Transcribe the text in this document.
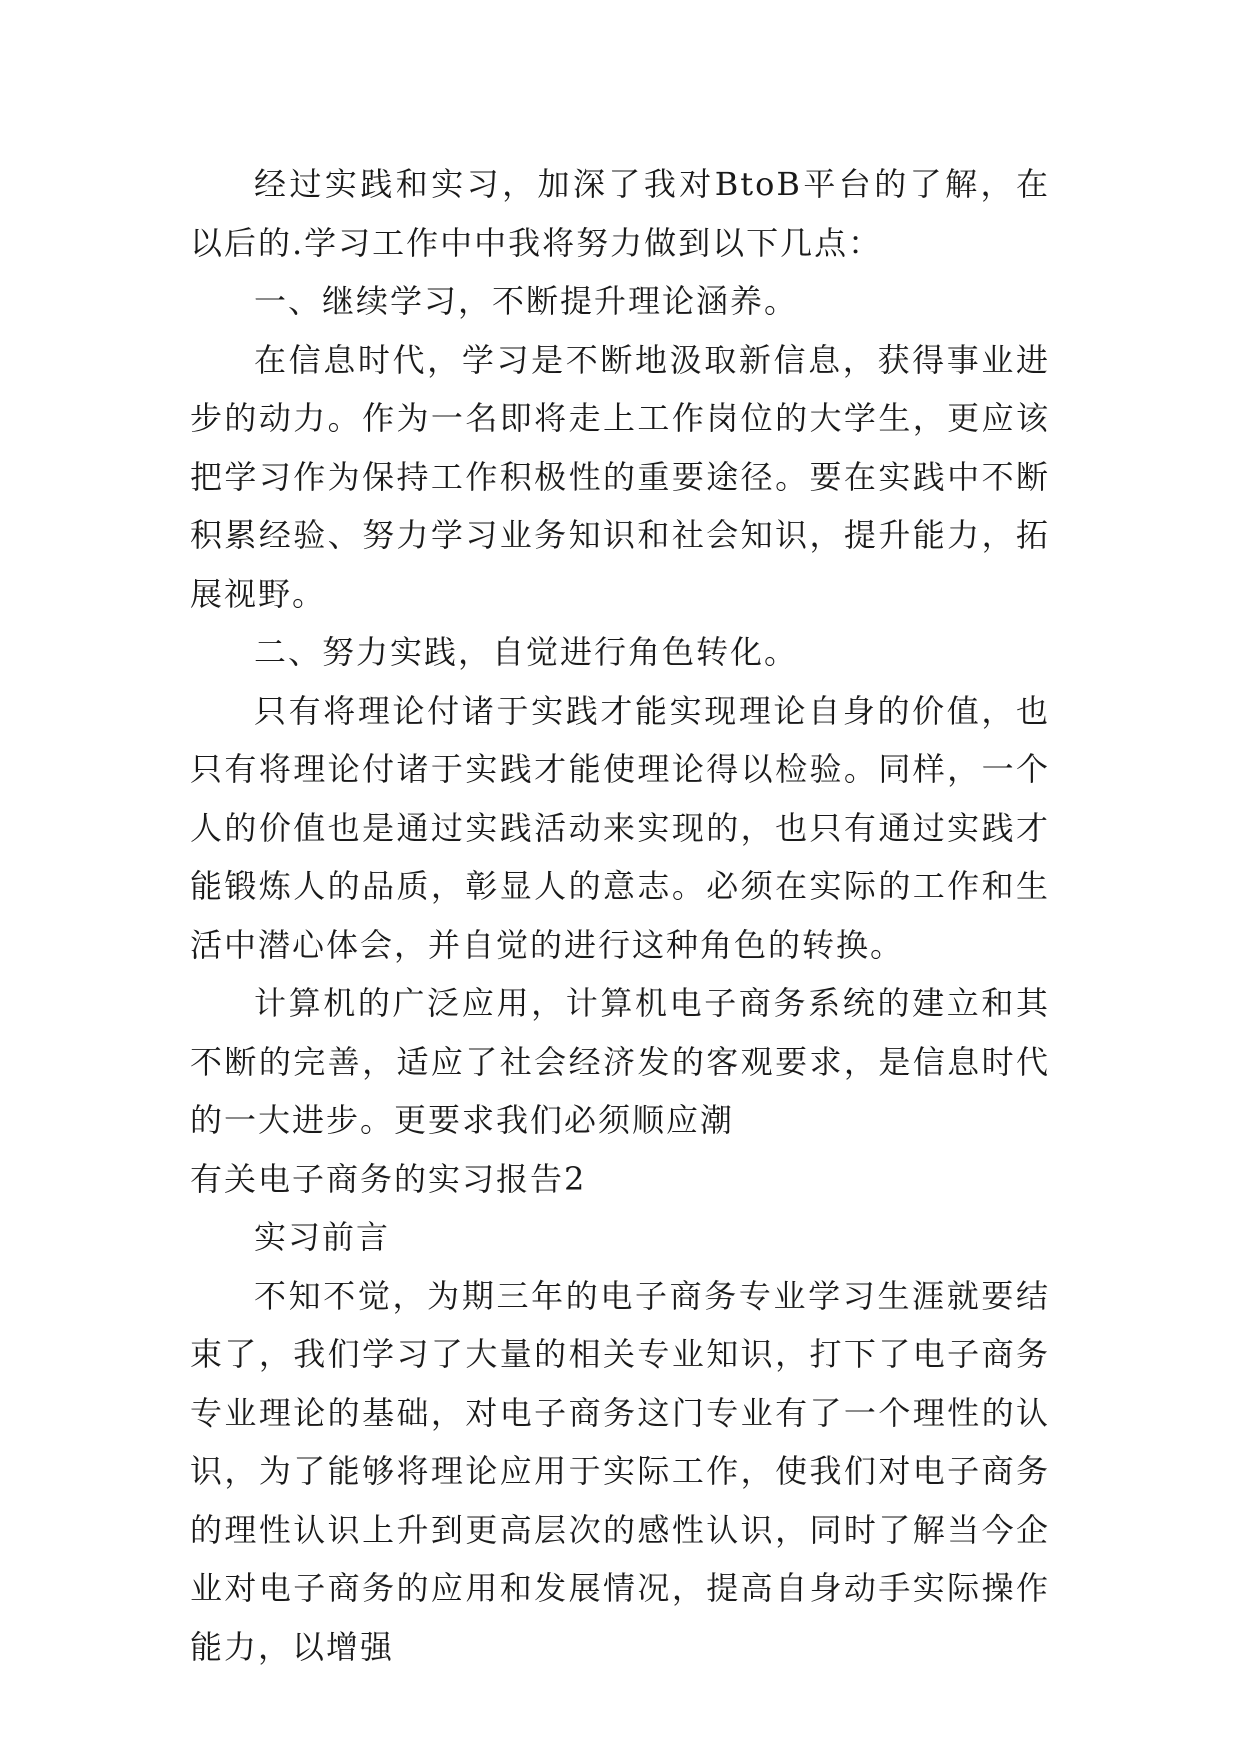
经过实践和实习，加深了我对BtoB平台的了解，在以后的.学习工作中中我将努力做到以下几点：

一、继续学习，不断提升理论涵养。

在信息时代，学习是不断地汲取新信息，获得事业进步的动力。作为一名即将走上工作岗位的大学生，更应该把学习作为保持工作积极性的重要途径。要在实践中不断积累经验、努力学习业务知识和社会知识，提升能力，拓展视野。

二、努力实践，自觉进行角色转化。

只有将理论付诸于实践才能实现理论自身的价值，也只有将理论付诸于实践才能使理论得以检验。同样，一个人的价值也是通过实践活动来实现的，也只有通过实践才能锻炼人的品质，彰显人的意志。必须在实际的工作和生活中潜心体会，并自觉的进行这种角色的转换。

计算机的广泛应用，计算机电子商务系统的建立和其不断的完善，适应了社会经济发的客观要求，是信息时代的一大进步。更要求我们必须顺应潮

有关电子商务的实习报告2

实习前言

不知不觉，为期三年的电子商务专业学习生涯就要结束了，我们学习了大量的相关专业知识，打下了电子商务专业理论的基础，对电子商务这门专业有了一个理性的认识，为了能够将理论应用于实际工作，使我们对电子商务的理性认识上升到更高层次的感性认识，同时了解当今企业对电子商务的应用和发展情况，提高自身动手实际操作能力，以增强
